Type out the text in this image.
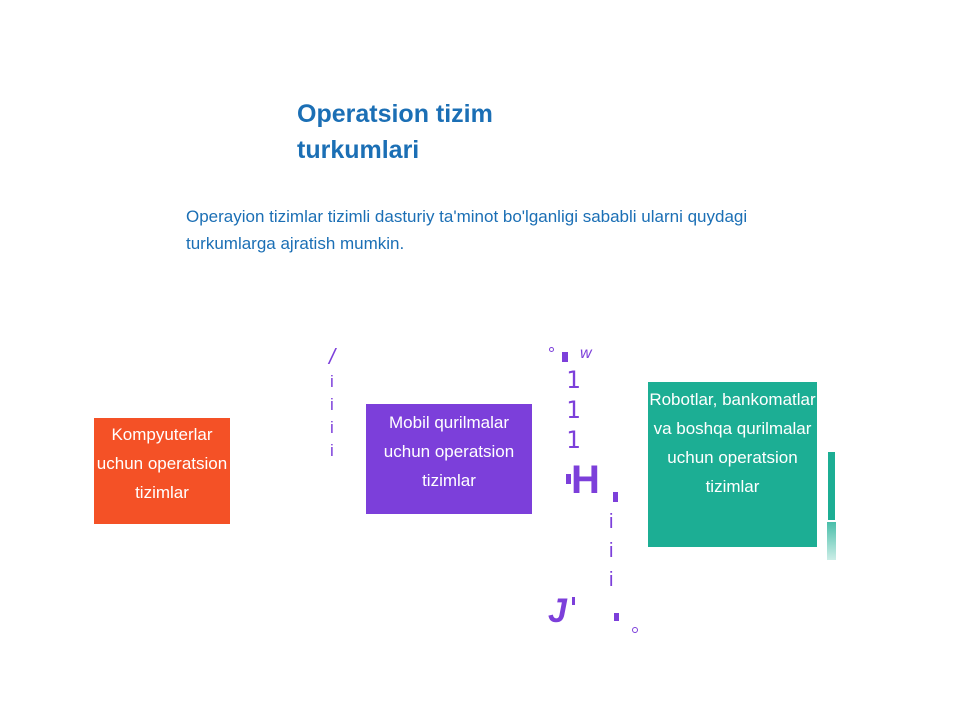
Operatsion tizim turkumlari
Operayion tizimlar tizimli dasturiy ta'minot bo'lganligi sababli ularni quydagi turkumlarga ajratish mumkin.
Kompyuterlar uchun operatsion tizimlar
Mobil qurilmalar uchun operatsion tizimlar
Robotlar, bankomatlar va boshqa qurilmalar uchun operatsion tizimlar
/
i
i
i
i
w
1
1
1
H
i
i
i
J
